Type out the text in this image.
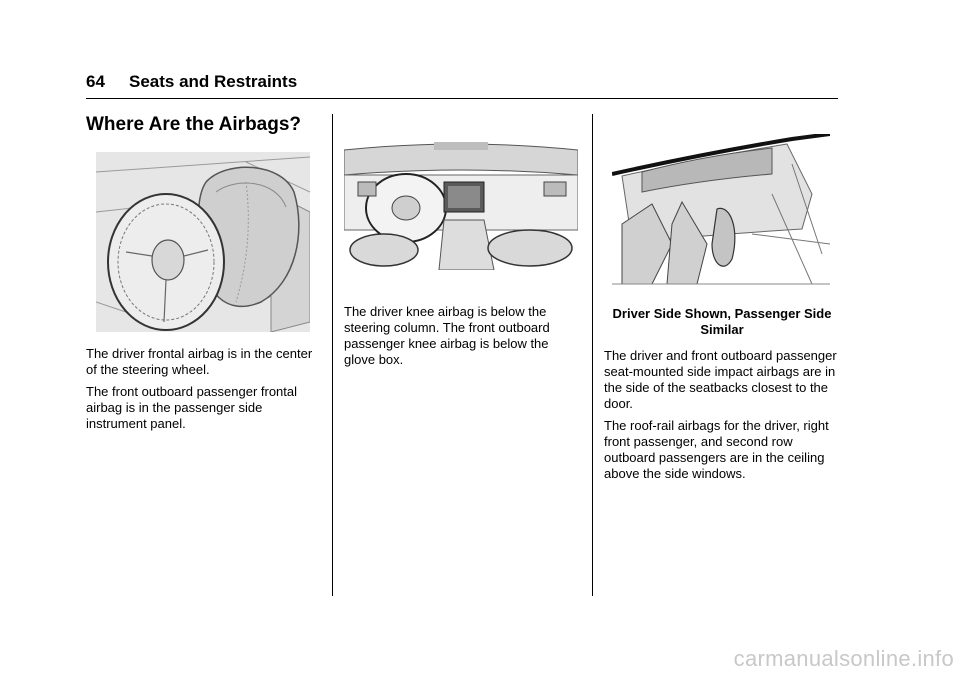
64 Seats and Restraints
Where Are the Airbags?

The driver frontal airbag is in the center of the steering wheel.

The front outboard passenger frontal airbag is in the passenger side instrument panel.

The driver knee airbag is below the steering column. The front outboard passenger knee airbag is below the glove box.

Driver Side Shown, Passenger Side Similar

The driver and front outboard passenger seat-mounted side impact airbags are in the side of the seatbacks closest to the door.

The roof-rail airbags for the driver, right front passenger, and second row outboard passengers are in the ceiling above the side windows.

carmanualsonline.info
